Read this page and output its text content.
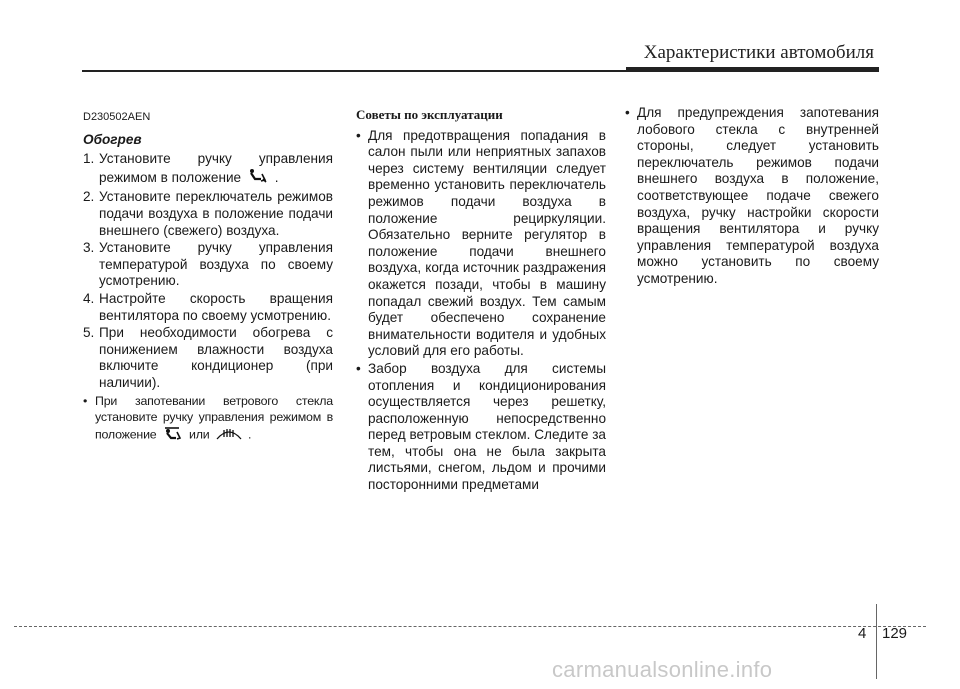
Характеристики автомобиля
D230502AEN
Обогрев
1. Установите ручку управления режимом в положение .
2. Установите переключатель режимов подачи воздуха в положение подачи внешнего (свежего) воздуха.
3. Установите ручку управления температурой воздуха по своему усмотрению.
4. Настройте скорость вращения вентилятора по своему усмотрению.
5. При необходимости обогрева с понижением влажности воздуха включите кондиционер (при наличии).
• При запотевании ветрового стекла установите ручку управления режимом в положение	или	.
Советы по эксплуатации
• Для предотвращения попадания в салон пыли или неприятных запахов через систему вентиляции следует временно установить переключатель режимов подачи воздуха в положение рециркуляции. Обязательно верните регулятор в положение подачи внешнего воздуха, когда источник раздражения окажется позади, чтобы в машину попадал свежий воздух. Тем самым будет обеспечено сохранение внимательности водителя и удобных условий для его работы.
• Забор воздуха для системы отопления и кондиционирования осуществляется через решетку, расположенную непосредственно перед ветровым стеклом. Следите за тем, чтобы она не была закрыта листьями, снегом, льдом и прочими посторонними предметами
• Для предупреждения запотевания лобового стекла с внутренней стороны, следует установить переключатель режимов подачи внешнего воздуха в положение, соответствующее подаче свежего воздуха, ручку настройки скорости вращения вентилятора и ручку управления температурой воздуха можно установить по своему усмотрению.
4 129
carmanualsonline.info
